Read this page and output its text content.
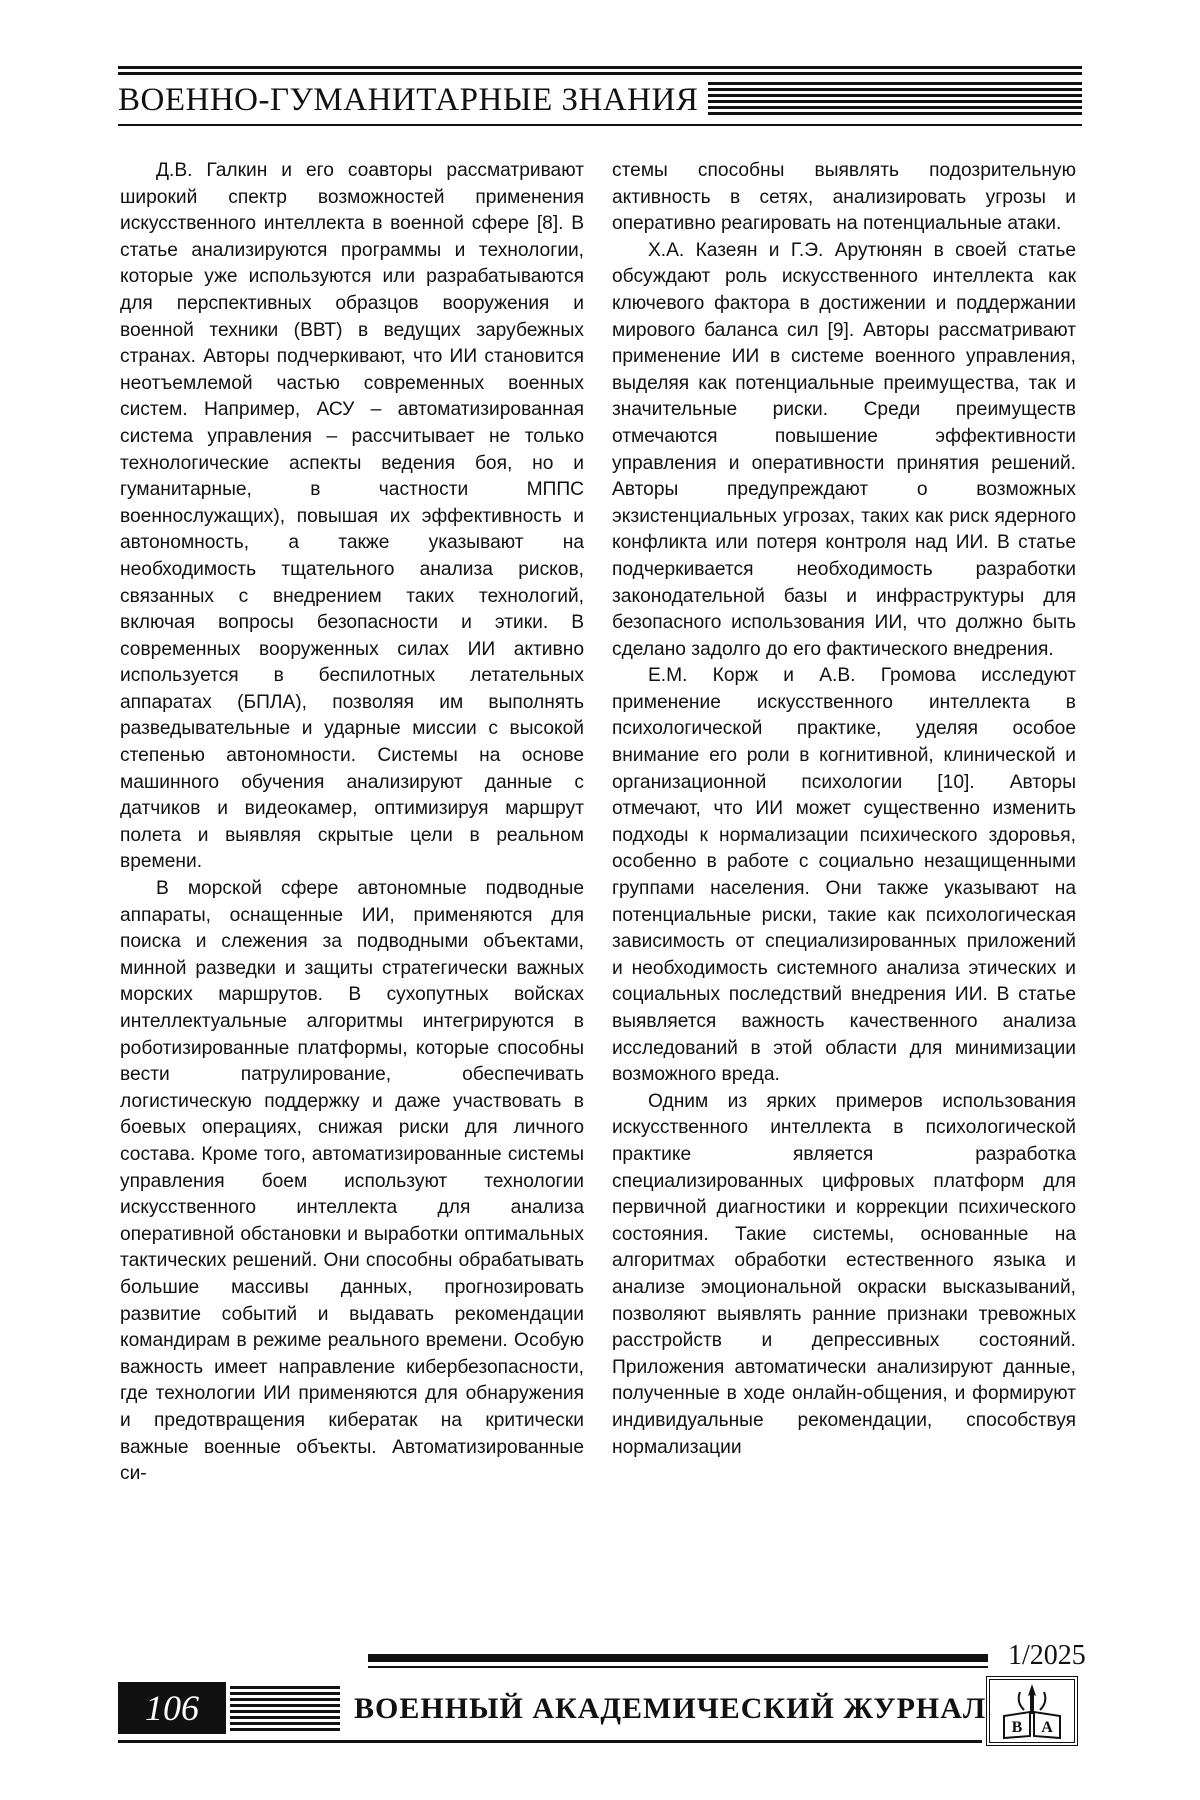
ВОЕННО-ГУМАНИТАРНЫЕ ЗНАНИЯ

Д.В. Галкин и его соавторы рассматривают широкий спектр возможностей применения искусственного интеллекта в военной сфере [8]. В статье анализируются программы и технологии, которые уже используются или разрабатываются для перспективных образцов вооружения и военной техники (ВВТ) в ведущих зарубежных странах. Авторы подчеркивают, что ИИ становится неотъемлемой частью современных военных систем. Например, АСУ – автоматизированная система управления – рассчитывает не только технологические аспекты ведения боя, но и гуманитарные, в частности МППС военнослужащих), повышая их эффективность и автономность, а также указывают на необходимость тщательного анализа рисков, связанных с внедрением таких технологий, включая вопросы безопасности и этики. В современных вооруженных силах ИИ активно используется в беспилотных летательных аппаратах (БПЛА), позволяя им выполнять разведывательные и ударные миссии с высокой степенью автономности. Системы на основе машинного обучения анализируют данные с датчиков и видеокамер, оптимизируя маршрут полета и выявляя скрытые цели в реальном времени.

В морской сфере автономные подводные аппараты, оснащенные ИИ, применяются для поиска и слежения за подводными объектами, минной разведки и защиты стратегически важных морских маршрутов. В сухопутных войсках интеллектуальные алгоритмы интегрируются в роботизированные платформы, которые способны вести патрулирование, обеспечивать логистическую поддержку и даже участвовать в боевых операциях, снижая риски для личного состава. Кроме того, автоматизированные системы управления боем используют технологии искусственного интеллекта для анализа оперативной обстановки и выработки оптимальных тактических решений. Они способны обрабатывать большие массивы данных, прогнозировать развитие событий и выдавать рекомендации командирам в режиме реального времени. Особую важность имеет направление кибербезопасности, где технологии ИИ применяются для обнаружения и предотвращения кибератак на критически важные военные объекты. Автоматизированные си-

стемы способны выявлять подозрительную активность в сетях, анализировать угрозы и оперативно реагировать на потенциальные атаки.

Х.А. Казеян и Г.Э. Арутюнян в своей статье обсуждают роль искусственного интеллекта как ключевого фактора в достижении и поддержании мирового баланса сил [9]. Авторы рассматривают применение ИИ в системе военного управления, выделяя как потенциальные преимущества, так и значительные риски. Среди преимуществ отмечаются повышение эффективности управления и оперативности принятия решений. Авторы предупреждают о возможных экзистенциальных угрозах, таких как риск ядерного конфликта или потеря контроля над ИИ. В статье подчеркивается необходимость разработки законодательной базы и инфраструктуры для безопасного использования ИИ, что должно быть сделано задолго до его фактического внедрения.

Е.М. Корж и А.В. Громова исследуют применение искусственного интеллекта в психологической практике, уделяя особое внимание его роли в когнитивной, клинической и организационной психологии [10]. Авторы отмечают, что ИИ может существенно изменить подходы к нормализации психического здоровья, особенно в работе с социально незащищенными группами населения. Они также указывают на потенциальные риски, такие как психологическая зависимость от специализированных приложений и необходимость системного анализа этических и социальных последствий внедрения ИИ. В статье выявляется важность качественного анализа исследований в этой области для минимизации возможного вреда.

Одним из ярких примеров использования искусственного интеллекта в психологической практике является разработка специализированных цифровых платформ для первичной диагностики и коррекции психического состояния. Такие системы, основанные на алгоритмах обработки естественного языка и анализе эмоциональной окраски высказываний, позволяют выявлять ранние признаки тревожных расстройств и депрессивных состояний. Приложения автоматически анализируют данные, полученные в ходе онлайн-общения, и формируют индивидуальные рекомендации, способствуя нормализации

1/2025
106	ВОЕННЫЙ АКАДЕМИЧЕСКИЙ ЖУРНАЛ
В А
